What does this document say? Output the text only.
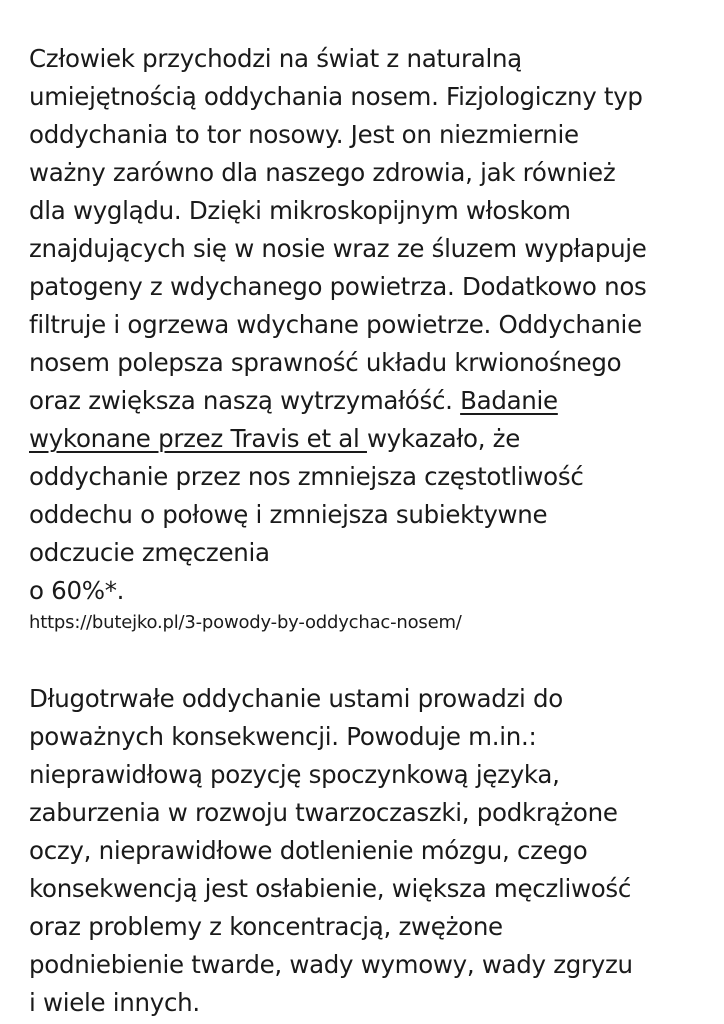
Człowiek przychodzi na świat z naturalną
umiejętnością oddychania nosem. Fizjologiczny typ
oddychania to tor nosowy. Jest on niezmiernie
ważny zarówno dla naszego zdrowia, jak również
dla wyglądu. Dzięki mikroskopijnym włoskom
znajdujących się w nosie wraz ze śluzem wypłapuje
patogeny z wdychanego powietrza. Dodatkowo nos
filtruje i ogrzewa wdychane powietrze. Oddychanie
nosem polepsza sprawność układu krwionośnego
oraz zwiększa naszą wytrzymałóść. Badanie
wykonane przez Travis et al wykazało, że
oddychanie przez nos zmniejsza częstotliwość
oddechu o połowę i zmniejsza subiektywne
odczucie zmęczenia
o 60%*.

https://butejko.pl/3-powody-by-oddychac-nosem/

Długotrwałe oddychanie ustami prowadzi do
poważnych konsekwencji. Powoduje m.in.:
nieprawidłową pozycję spoczynkową języka,
zaburzenia w rozwoju twarzoczaszki, podkrążone
oczy, nieprawidłowe dotlenienie mózgu, czego
konsekwencją jest osłabienie, większa męczliwość
oraz problemy z koncentracją, zwężone
podniebienie twarde, wady wymowy, wady zgryzu
i wiele innych.
